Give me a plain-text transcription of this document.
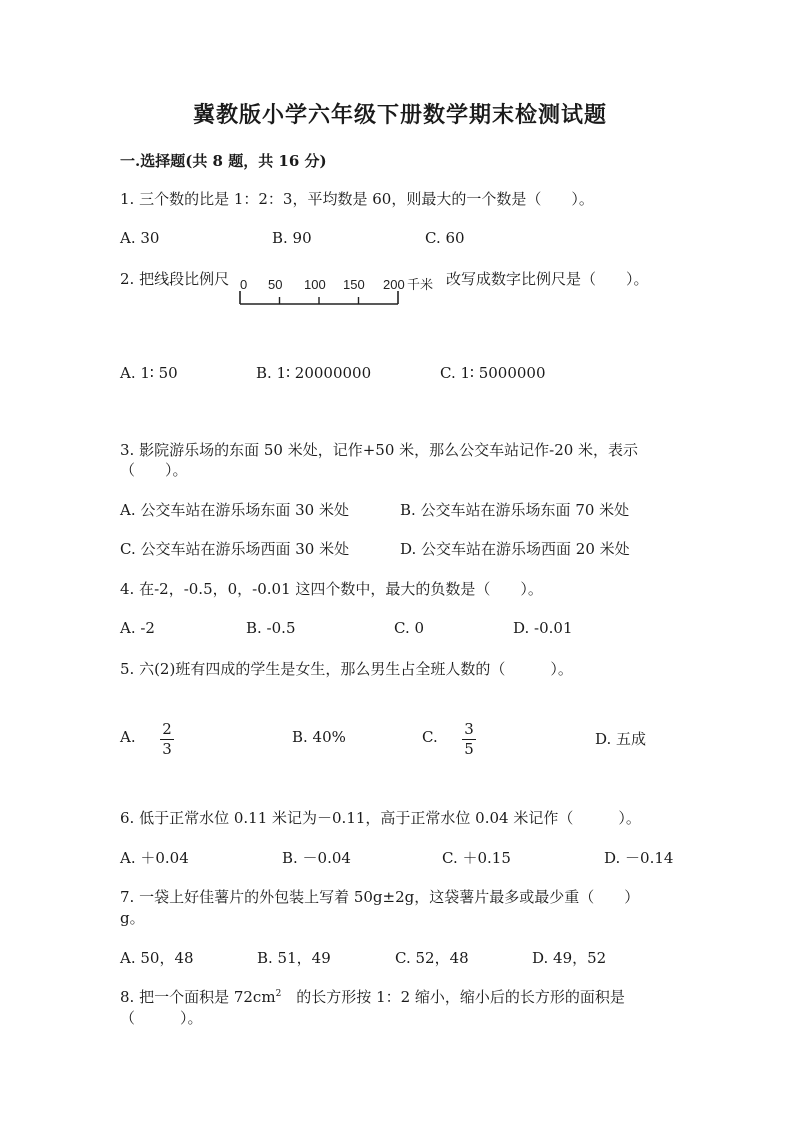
冀教版小学六年级下册数学期末检测试题
一.选择题(共 8 题，共 16 分)
1. 三个数的比是 1：2：3，平均数是 60，则最大的一个数是（　　）。
A. 30	B. 90	C. 60
2. 把线段比例尺 0 50 100 150 200 千米 改写成数字比例尺是（　　）。
A. 1∶ 50	B. 1∶ 20000000	C. 1∶ 5000000
3. 影院游乐场的东面 50 米处，记作+50 米，那么公交车站记作-20 米，表示
（　　）。
A. 公交车站在游乐场东面 30 米处	B. 公交车站在游乐场东面 70 米处
C. 公交车站在游乐场西面 30 米处	D. 公交车站在游乐场西面 20 米处
4. 在-2，-0.5，0，-0.01 这四个数中，最大的负数是（　　）。
A. -2	B. -0.5	C. 0	D. -0.01
5. 六(2)班有四成的学生是女生，那么男生占全班人数的（　　　）。
A. $\frac{2}{3}$	B. 40%	C. $\frac{3}{5}$	D. 五成
6. 低于正常水位 0.11 米记为－0.11，高于正常水位 0.04 米记作（　　　）。
A. ＋0.04	B. －0.04	C. ＋0.15	D. －0.14
7. 一袋上好佳薯片的外包装上写着 50g±2g，这袋薯片最多或最少重（　　）
g。
A. 50，48	B. 51，49	C. 52，48	D. 49，52
8. 把一个面积是 $72cm^2$　的长方形按 1：2 缩小，缩小后的长方形的面积是
（　　　）。
